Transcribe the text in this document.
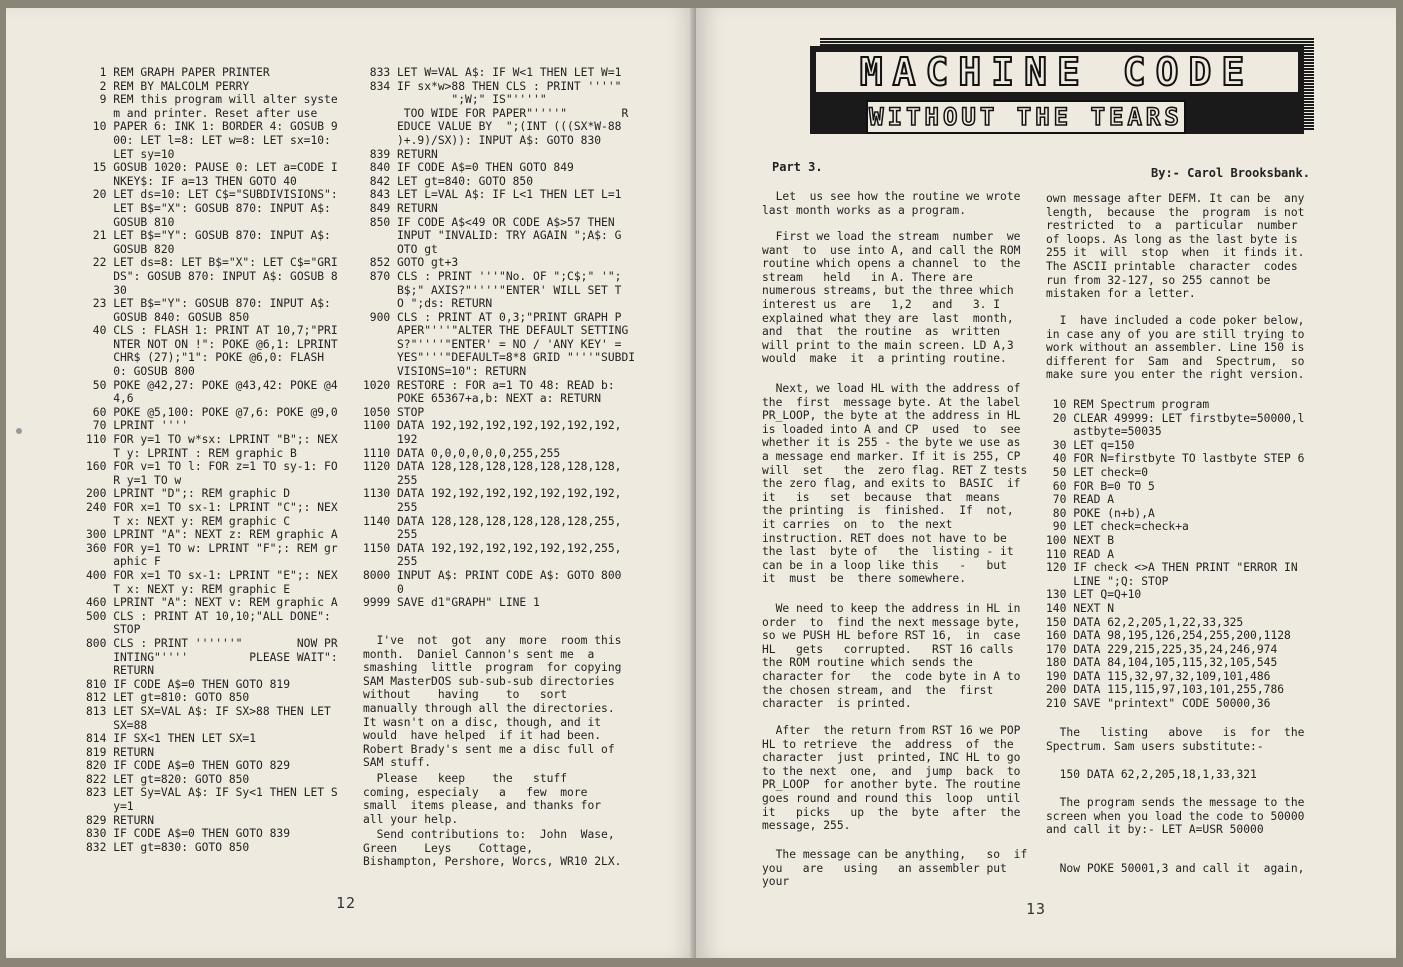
1 REM GRAPH PAPER PRINTER
2 REM BY MALCOLM PERRY
9 REM this program will alter syste
m and printer. Reset after use
10 PAPER 6: INK 1: BORDER 4: GOSUB 9
00: LET l=8: LET w=8: LET sx=10:
LET sy=10
15 GOSUB 1020: PAUSE 0: LET a=CODE I
NKEY$: IF a=13 THEN GOTO 40
20 LET ds=10: LET C$="SUBDIVISIONS":
LET B$="X": GOSUB 870: INPUT A$:
GOSUB 810
21 LET B$="Y": GOSUB 870: INPUT A$:
GOSUB 820
22 LET ds=8: LET B$="X": LET C$="GRI
DS": GOSUB 870: INPUT A$: GOSUB 8
30
23 LET B$="Y": GOSUB 870: INPUT A$:
GOSUB 840: GOSUB 850
40 CLS : FLASH 1: PRINT AT 10,7;"PRI
NTER NOT ON !": POKE @6,1: LPRINT
CHR$ (27);"1": POKE @6,0: FLASH
0: GOSUB 800
50 POKE @42,27: POKE @43,42: POKE @4
4,6
60 POKE @5,100: POKE @7,6: POKE @9,0
70 LPRINT ''''
110 FOR y=1 TO w*sx: LPRINT "B";: NEX
T y: LPRINT : REM graphic B
160 FOR v=1 TO l: FOR z=1 TO sy-1: FO
R y=1 TO w
200 LPRINT "D";: REM graphic D
240 FOR x=1 TO sx-1: LPRINT "C";: NEX
T x: NEXT y: REM graphic C
300 LPRINT "A": NEXT z: REM graphic A
360 FOR y=1 TO w: LPRINT "F";: REM gr
aphic F
400 FOR x=1 TO sx-1: LPRINT "E";: NEX
T x: NEXT y: REM graphic E
460 LPRINT "A": NEXT v: REM graphic A
500 CLS : PRINT AT 10,10;"ALL DONE":
STOP
800 CLS : PRINT ''''''"        NOW PR
INTING"''''         PLEASE WAIT":
RETURN
810 IF CODE A$=0 THEN GOTO 819
812 LET gt=810: GOTO 850
813 LET SX=VAL A$: IF SX>88 THEN LET
SX=88
814 IF SX<1 THEN LET SX=1
819 RETURN
820 IF CODE A$=0 THEN GOTO 829
822 LET gt=820: GOTO 850
823 LET Sy=VAL A$: IF Sy<1 THEN LET S
y=1
829 RETURN
830 IF CODE A$=0 THEN GOTO 839
832 LET gt=830: GOTO 850
833 LET W=VAL A$: IF W<1 THEN LET W=1
834 IF sx*w>88 THEN CLS : PRINT ''''"
";W;" IS"''''"
TOO WIDE FOR PAPER"''''"        R
EDUCE VALUE BY  ";(INT (((SX*W-88
)+.9)/SX)): INPUT A$: GOTO 830
839 RETURN
840 IF CODE A$=0 THEN GOTO 849
842 LET gt=840: GOTO 850
843 LET L=VAL A$: IF L<1 THEN LET L=1
849 RETURN
850 IF CODE A$<49 OR CODE A$>57 THEN
INPUT "INVALID: TRY AGAIN ";A$: G
OTO gt
852 GOTO gt+3
870 CLS : PRINT '''"No. OF ";C$;" '";
B$;" AXIS?"''''"ENTER' WILL SET T
O ";ds: RETURN
900 CLS : PRINT AT 0,3;"PRINT GRAPH P
APER"'''"ALTER THE DEFAULT SETTING
S?"''''"ENTER' = NO / 'ANY KEY' =
YES"'''"DEFAULT=8*8 GRID "'''"SUBDI
VISIONS=10": RETURN
1020 RESTORE : FOR a=1 TO 48: READ b:
POKE 65367+a,b: NEXT a: RETURN
1050 STOP
1100 DATA 192,192,192,192,192,192,192,
192
1110 DATA 0,0,0,0,0,0,255,255
1120 DATA 128,128,128,128,128,128,128,
255
1130 DATA 192,192,192,192,192,192,192,
255
1140 DATA 128,128,128,128,128,128,255,
255
1150 DATA 192,192,192,192,192,192,255,
255
8000 INPUT A$: PRINT CODE A$: GOTO 800
0
9999 SAVE d1"GRAPH" LINE 1

I've  not  got  any  more  room this month.  Daniel Cannon's sent me  a smashing  little  program  for copying SAM MasterDOS sub-sub-sub directories without    having    to   sort  manually through all the directories. It wasn't on a disc, though, and it  would  have helped  if it had been. Robert Brady's sent me a disc full of SAM stuff.

Please   keep    the   stuff   coming, especialy   a   few  more  small  items please, and thanks for all your help.

Send contributions to:  John  Wase, Green    Leys    Cottage,    Bishampton, Pershore, Worcs, WR10 2LX.

12
MACHINE CODE
WITHOUT THE TEARS
Part 3.	By:- Carol Brooksbank.

Let  us see how the routine we wrote last month works as a program.

First we load the stream  number  we want  to  use into A, and call the ROM routine which opens a channel  to  the stream   held   in A. There are numerous streams, but the three which  interest us  are   1,2   and   3. I explained what they are  last  month,  and  that  the routine  as  written will print to the main screen. LD A,3 would  make  it  a printing routine.

Next, we load HL with the address of the  first  message byte. At the label PR_LOOP, the byte at the address in HL is loaded into A and CP  used  to  see whether it is 255 - the byte we use as a message end marker. If it is 255, CP will  set   the  zero flag. RET Z tests the zero flag, and exits to  BASIC  if it   is   set  because  that  means  the printing  is  finished.  If  not,   it carries  on  to  the next instruction. RET does not have to be the last  byte of   the  listing - it can be in a loop like this   -   but  it  must  be  there somewhere.

We need to keep the address in HL in order  to  find the next message byte, so we PUSH HL before RST 16,  in  case HL   gets   corrupted.   RST 16 calls the ROM routine which sends the  character for   the  code byte in A to the chosen stream, and  the  first  character  is printed.

After  the return from RST 16 we POP HL to retrieve  the  address  of  the character  just  printed, INC HL to go to the next  one,  and  jump  back  to PR_LOOP  for another byte. The routine goes round and round this  loop  until it   picks   up  the  byte  after  the message, 255.

The message can be anything,   so  if you   are   using   an assembler put your

own message after DEFM. It can be  any length,  because  the  program  is not restricted  to  a  particular  number  of loops. As long as the last byte is 255 it  will  stop  when  it finds it. The ASCII printable  character  codes  run from 32-127, so 255 cannot be mistaken for a letter.

I  have included a code poker below, in case any of you are still trying to work without an assembler. Line 150 is different for  Sam  and  Spectrum,  so make sure you enter the right version.

10 REM Spectrum program
20 CLEAR 49999: LET firstbyte=50000,l
astbyte=50035
30 LET q=150
40 FOR N=firstbyte TO lastbyte STEP 6
50 LET check=0
60 FOR B=0 TO 5
70 READ A
80 POKE (n+b),A
90 LET check=check+a
100 NEXT B
110 READ A
120 IF check <>A THEN PRINT "ERROR IN
LINE ";Q: STOP
130 LET Q=Q+10
140 NEXT N
150 DATA 62,2,205,1,22,33,325
160 DATA 98,195,126,254,255,200,1128
170 DATA 229,215,225,35,24,246,974
180 DATA 84,104,105,115,32,105,545
190 DATA 115,32,97,32,109,101,486
200 DATA 115,115,97,103,101,255,786
210 SAVE "printext" CODE 50000,36

The   listing   above   is  for  the Spectrum. Sam users substitute:-

150 DATA 62,2,205,18,1,33,321

The program sends the message to the screen when you load the code to 50000 and call it by:- LET A=USR 50000

Now POKE 50001,3 and call it  again,

13
